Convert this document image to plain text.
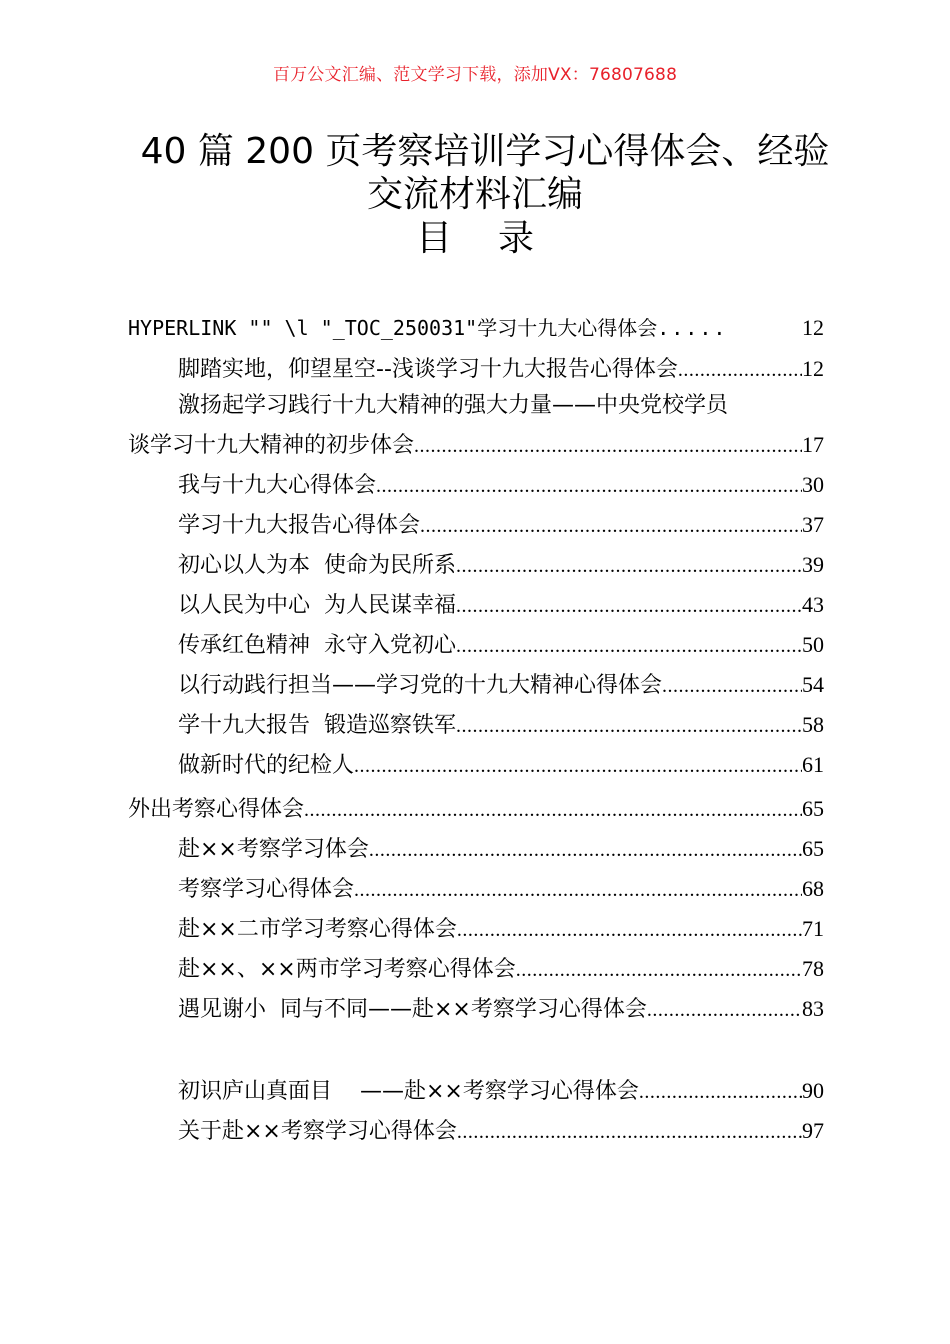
百万公文汇编、范文学习下载，添加VX：76807688
40 篇 200 页考察培训学习心得体会、经验
交流材料汇编
目录
HYPERLINK "" \l "_TOC_250031"学习十九大心得体会 .....	12
脚踏实地，仰望星空--浅谈学习十九大报告心得体会 .....	12
激扬起学习践行十九大精神的强大力量——中央党校学员
谈学习十九大精神的初步体会 .....	17
我与十九大心得体会 .....	30
学习十九大报告心得体会 .....	37
初心以人为本  使命为民所系 .....	39
以人民为中心  为人民谋幸福 .....	43
传承红色精神  永守入党初心 .....	50
以行动践行担当——学习党的十九大精神心得体会 .....	54
学十九大报告  锻造巡察铁军 .....	58
做新时代的纪检人 .....	61
外出考察心得体会 .....	65
赴××考察学习体会 .....	65
考察学习心得体会 .....	68
赴××二市学习考察心得体会 .....	71
赴××、××两市学习考察心得体会 .....	78
遇见谢小  同与不同——赴××考察学习心得体会 .....	83
初识庐山真面目    ——赴××考察学习心得体会 .....	90
关于赴××考察学习心得体会 .....	97
